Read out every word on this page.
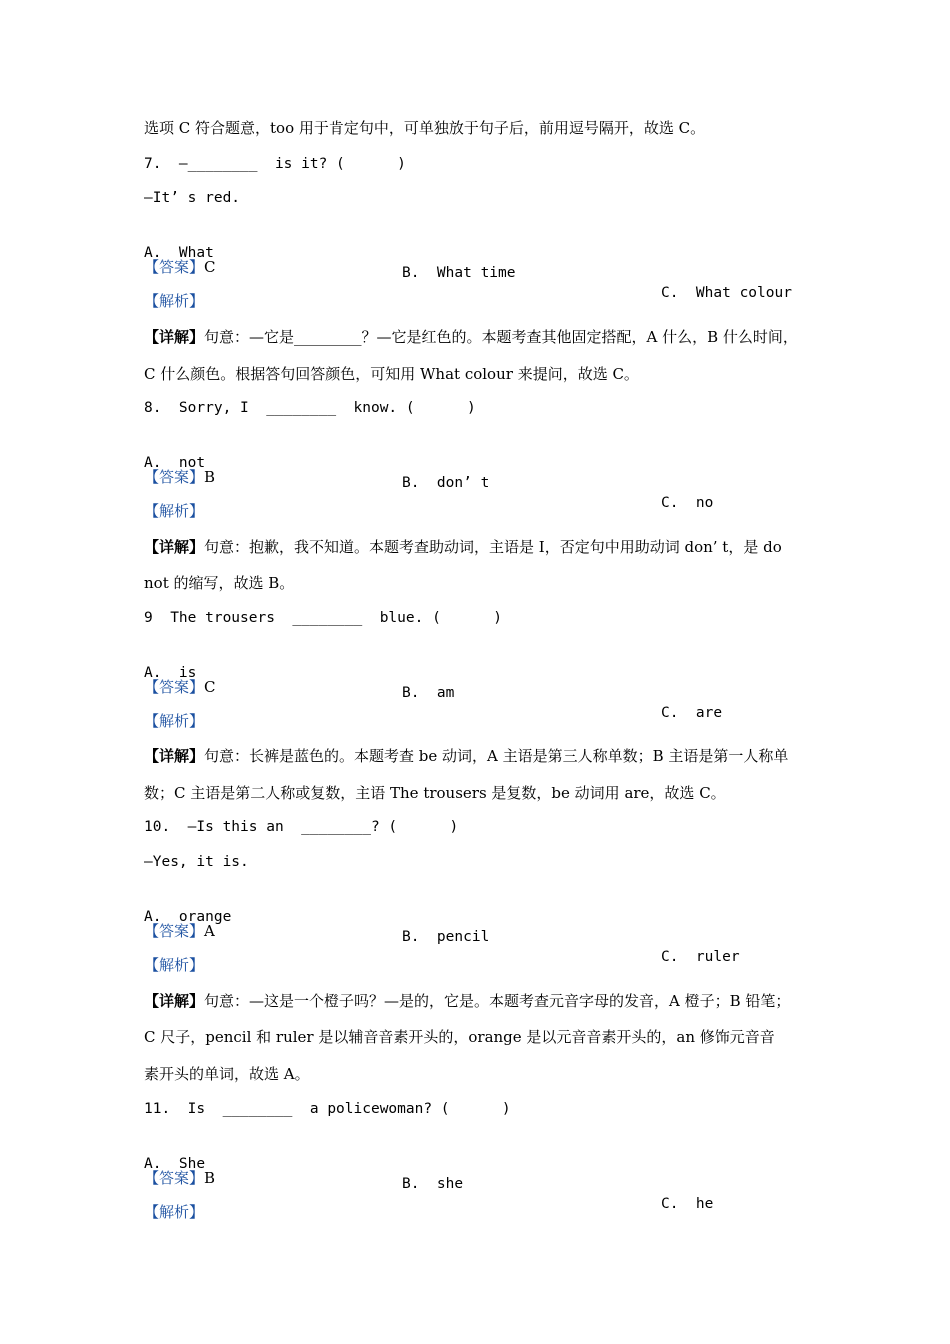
选项 C 符合题意，too 用于肯定句中，可单独放于句子后，前用逗号隔开，故选 C。
7.  —________  is it? (      )
—It’ s red.

A.  What

B.  What time

C.  What colour

【答案】C
【解析】
【详解】句意：—它是_________？—它是红色的。本题考查其他固定搭配，A 什么，B 什么时间，
C 什么颜色。根据答句回答颜色，可知用 What colour 来提问，故选 C。
8.  Sorry, I  ________  know. (      )

A.  not

B.  don’ t

C.  no

【答案】B
【解析】
【详解】句意：抱歉，我不知道。本题考查助动词，主语是 I，否定句中用助动词 don’ t，是 do
not 的缩写，故选 B。
9  The trousers  ________  blue. (      )

A.  is

B.  am

C.  are

【答案】C
【解析】
【详解】句意：长裤是蓝色的。本题考查 be 动词，A 主语是第三人称单数；B 主语是第一人称单
数；C 主语是第二人称或复数，主语 The trousers 是复数，be 动词用 are，故选 C。
10.  —Is this an  ________? (      )
—Yes, it is.

A.  orange

B.  pencil

C.  ruler

【答案】A
【解析】
【详解】句意：—这是一个橙子吗？—是的，它是。本题考查元音字母的发音，A 橙子；B 铅笔；
C 尺子，pencil 和 ruler 是以辅音音素开头的，orange 是以元音音素开头的，an 修饰元音音
素开头的单词，故选 A。
11.  Is  ________  a policewoman? (      )

A.  She

B.  she

C.  he

【答案】B
【解析】
